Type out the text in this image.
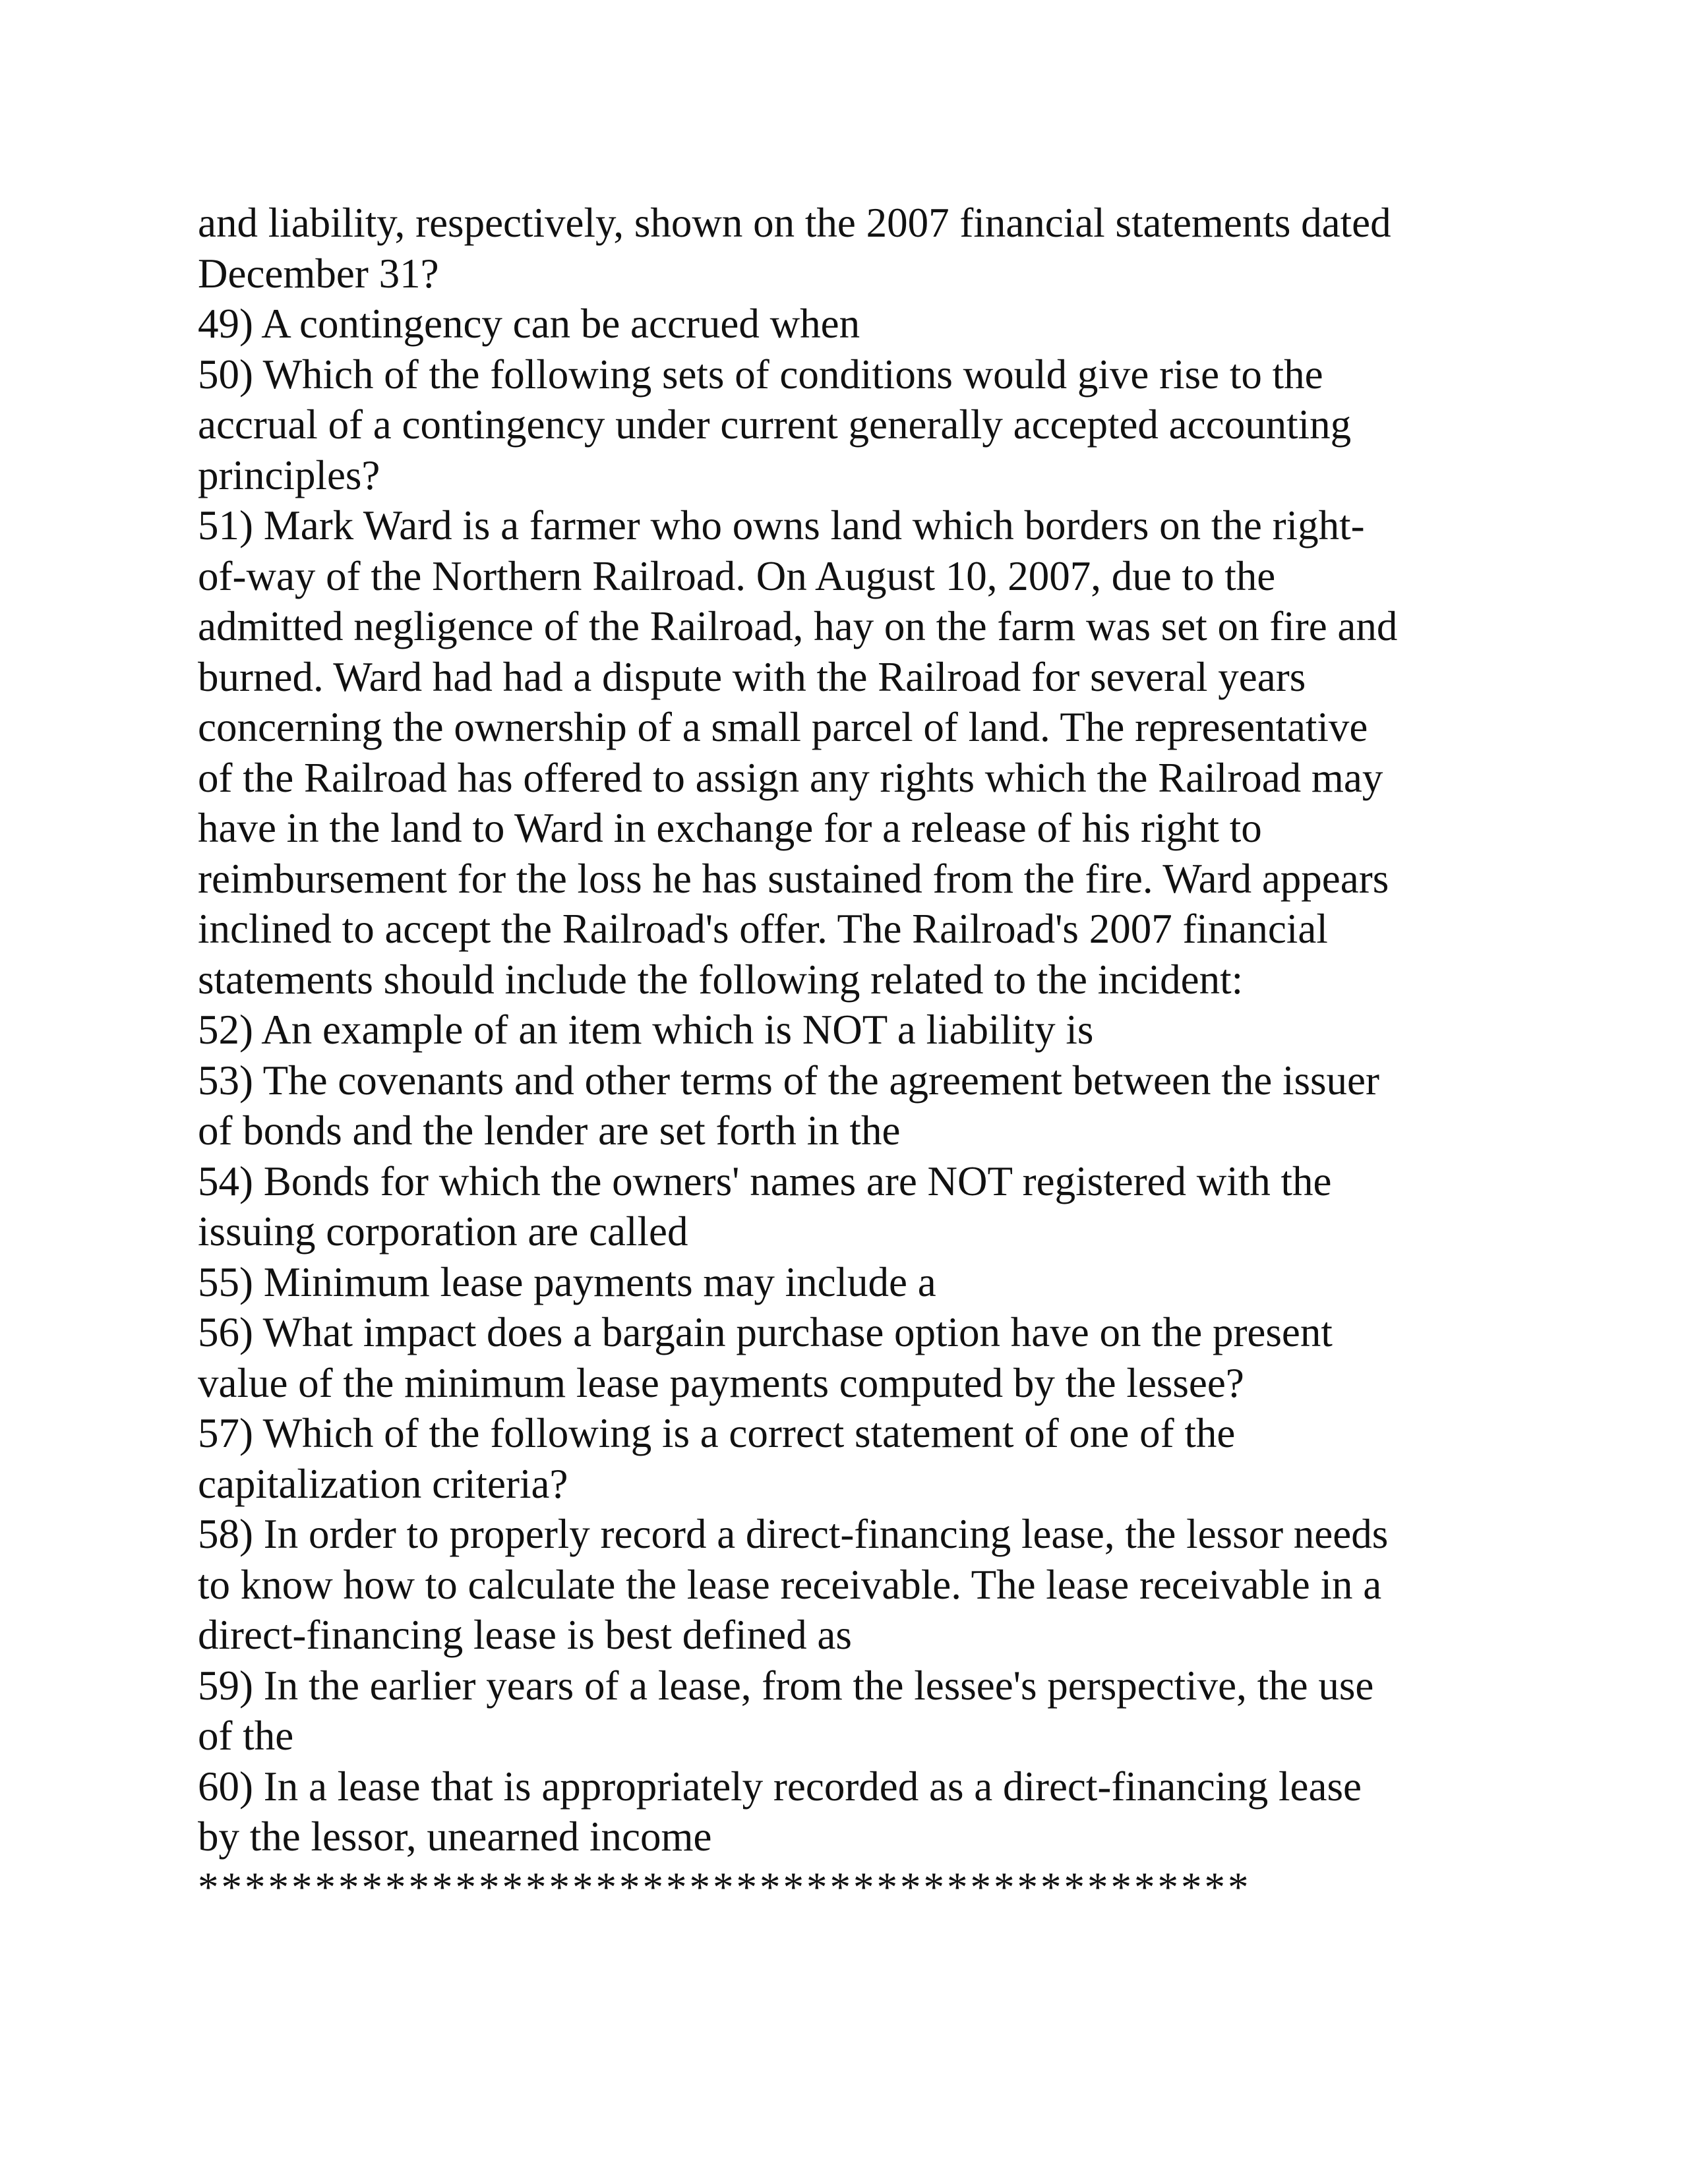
and liability, respectively, shown on the 2007 financial statements dated
December 31?
49) A contingency can be accrued when
50) Which of the following sets of conditions would give rise to the
accrual of a contingency under current generally accepted accounting
principles?
51) Mark Ward is a farmer who owns land which borders on the right-
of-way of the Northern Railroad. On August 10, 2007, due to the
admitted negligence of the Railroad, hay on the farm was set on fire and
burned. Ward had had a dispute with the Railroad for several years
concerning the ownership of a small parcel of land. The representative
of the Railroad has offered to assign any rights which the Railroad may
have in the land to Ward in exchange for a release of his right to
reimbursement for the loss he has sustained from the fire. Ward appears
inclined to accept the Railroad's offer. The Railroad's 2007 financial
statements should include the following related to the incident:
52) An example of an item which is NOT a liability is
53) The covenants and other terms of the agreement between the issuer
of bonds and the lender are set forth in the
54) Bonds for which the owners' names are NOT registered with the
issuing corporation are called
55) Minimum lease payments may include a
56) What impact does a bargain purchase option have on the present
value of the minimum lease payments computed by the lessee?
57) Which of the following is a correct statement of one of the
capitalization criteria?
58) In order to properly record a direct-financing lease, the lessor needs
to know how to calculate the lease receivable. The lease receivable in a
direct-financing lease is best defined as
59) In the earlier years of a lease, from the lessee's perspective, the use
of the
60) In a lease that is appropriately recorded as a direct-financing lease
by the lessor, unearned income
*********************************************
